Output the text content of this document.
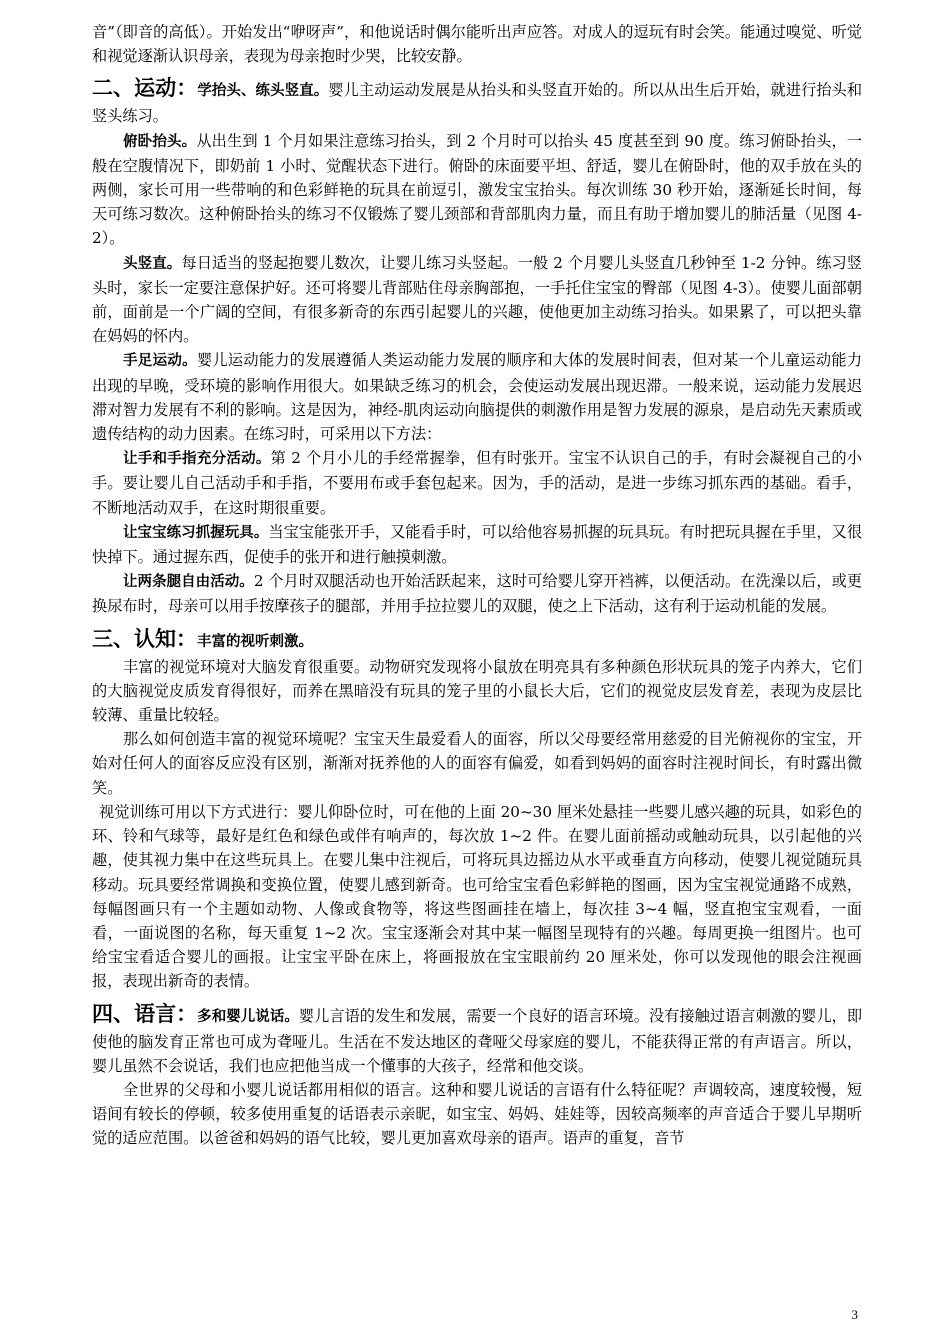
音”（即音的高低）。开始发出“咿呀声”，和他说话时偶尔能听出声应答。对成人的逗玩有时会笑。能通过嗅觉、听觉和视觉逐渐认识母亲，表现为母亲抱时少哭，比较安静。

二、运动：学抬头、练头竖直。婴儿主动运动发展是从抬头和头竖直开始的。所以从出生后开始，就进行抬头和竖头练习。

俯卧抬头。从出生到 1 个月如果注意练习抬头，到 2 个月时可以抬头 45 度甚至到 90 度。练习俯卧抬头，一般在空腹情况下，即奶前 1 小时、觉醒状态下进行。俯卧的床面要平坦、舒适，婴儿在俯卧时，他的双手放在头的两侧，家长可用一些带响的和色彩鲜艳的玩具在前逗引，激发宝宝抬头。每次训练 30 秒开始，逐渐延长时间，每天可练习数次。这种俯卧抬头的练习不仅锻炼了婴儿颈部和背部肌肉力量，而且有助于增加婴儿的肺活量（见图 4-2）。

头竖直。每日适当的竖起抱婴儿数次，让婴儿练习头竖起。一般 2 个月婴儿头竖直几秒钟至 1-2 分钟。练习竖头时，家长一定要注意保护好。还可将婴儿背部贴住母亲胸部抱，一手托住宝宝的臀部（见图 4-3）。使婴儿面部朝前，面前是一个广阔的空间，有很多新奇的东西引起婴儿的兴趣，使他更加主动练习抬头。如果累了，可以把头靠在妈妈的怀内。

手足运动。婴儿运动能力的发展遵循人类运动能力发展的顺序和大体的发展时间表，但对某一个儿童运动能力出现的早晚，受环境的影响作用很大。如果缺乏练习的机会，会使运动发展出现迟滞。一般来说，运动能力发展迟滞对智力发展有不利的影响。这是因为，神经-肌肉运动向脑提供的刺激作用是智力发展的源泉，是启动先天素质或遗传结构的动力因素。在练习时，可采用以下方法：

让手和手指充分活动。第 2 个月小儿的手经常握拳，但有时张开。宝宝不认识自己的手，有时会凝视自己的小手。要让婴儿自己活动手和手指，不要用布或手套包起来。因为，手的活动，是进一步练习抓东西的基础。看手，不断地活动双手，在这时期很重要。

让宝宝练习抓握玩具。当宝宝能张开手，又能看手时，可以给他容易抓握的玩具玩。有时把玩具握在手里，又很快掉下。通过握东西，促使手的张开和进行触摸刺激。

让两条腿自由活动。2 个月时双腿活动也开始活跃起来，这时可给婴儿穿开裆裤，以便活动。在洗澡以后，或更换尿布时，母亲可以用手按摩孩子的腿部，并用手拉拉婴儿的双腿，使之上下活动，这有利于运动机能的发展。

三、认知：丰富的视听刺激。

丰富的视觉环境对大脑发育很重要。动物研究发现将小鼠放在明亮具有多种颜色形状玩具的笼子内养大，它们的大脑视觉皮质发育得很好，而养在黑暗没有玩具的笼子里的小鼠长大后，它们的视觉皮层发育差，表现为皮层比较薄、重量比较轻。

那么如何创造丰富的视觉环境呢？宝宝天生最爱看人的面容，所以父母要经常用慈爱的目光俯视你的宝宝，开始对任何人的面容反应没有区别，渐渐对抚养他的人的面容有偏爱，如看到妈妈的面容时注视时间长，有时露出微笑。

视觉训练可用以下方式进行：婴儿仰卧位时，可在他的上面 20~30 厘米处悬挂一些婴儿感兴趣的玩具，如彩色的环、铃和气球等，最好是红色和绿色或伴有响声的，每次放 1~2 件。在婴儿面前摇动或触动玩具，以引起他的兴趣，使其视力集中在这些玩具上。在婴儿集中注视后，可将玩具边摇边从水平或垂直方向移动，使婴儿视觉随玩具移动。玩具要经常调换和变换位置，使婴儿感到新奇。也可给宝宝看色彩鲜艳的图画，因为宝宝视觉通路不成熟，每幅图画只有一个主题如动物、人像或食物等，将这些图画挂在墙上，每次挂 3~4 幅，竖直抱宝宝观看，一面看，一面说图的名称，每天重复 1~2 次。宝宝逐渐会对其中某一幅图呈现特有的兴趣。每周更换一组图片。也可给宝宝看适合婴儿的画报。让宝宝平卧在床上，将画报放在宝宝眼前约 20 厘米处，你可以发现他的眼会注视画报，表现出新奇的表情。

四、语言：多和婴儿说话。婴儿言语的发生和发展，需要一个良好的语言环境。没有接触过语言刺激的婴儿，即使他的脑发育正常也可成为聋哑儿。生活在不发达地区的聋哑父母家庭的婴儿，不能获得正常的有声语言。所以，婴儿虽然不会说话，我们也应把他当成一个懂事的大孩子，经常和他交谈。

全世界的父母和小婴儿说话都用相似的语言。这种和婴儿说话的言语有什么特征呢？声调较高，速度较慢，短语间有较长的停顿，较多使用重复的话语表示亲昵，如宝宝、妈妈、娃娃等，因较高频率的声音适合于婴儿早期听觉的适应范围。以爸爸和妈妈的语气比较，婴儿更加喜欢母亲的语声。语声的重复，音节

3
